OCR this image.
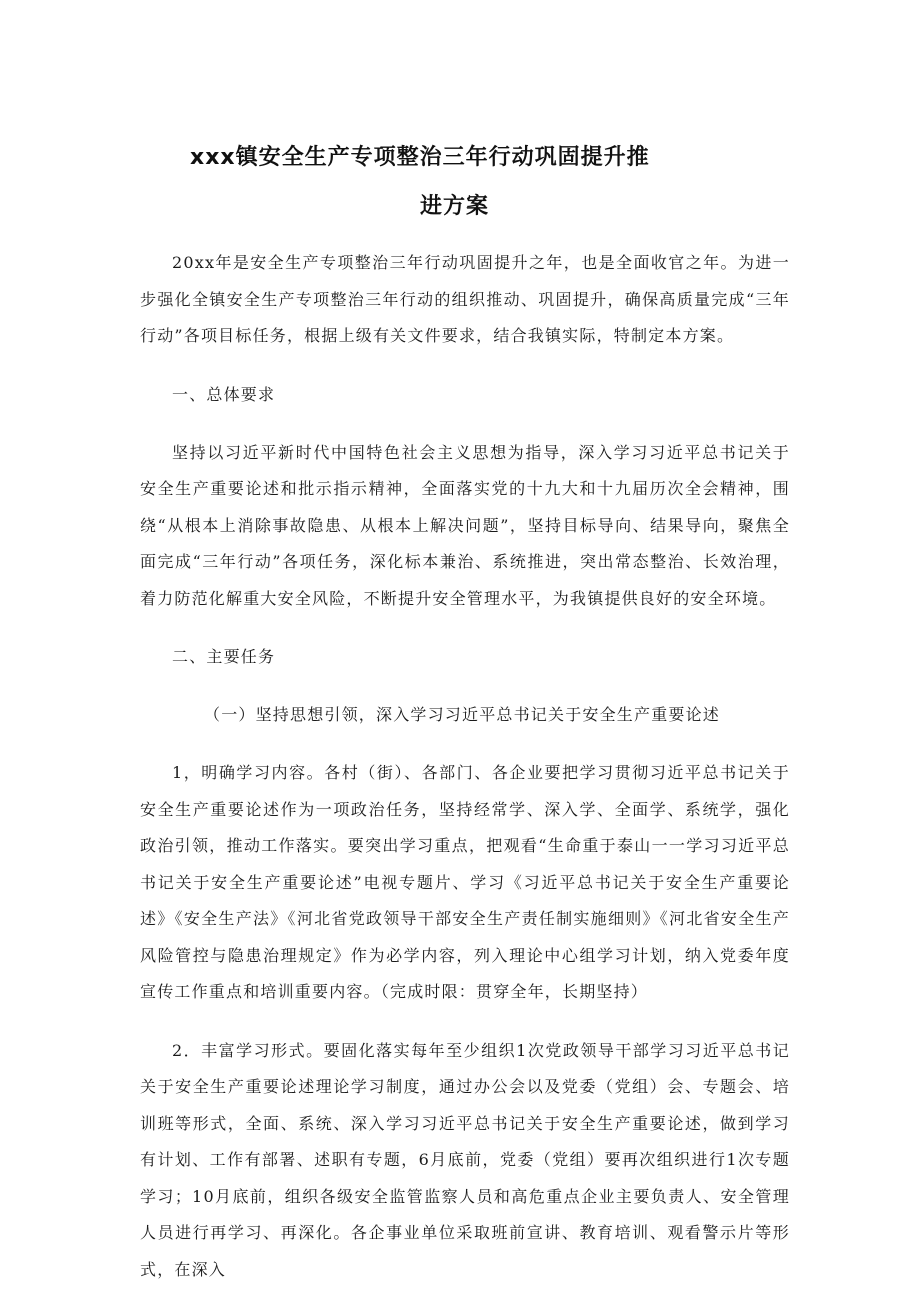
xxx镇安全生产专项整治三年行动巩固提升推
进方案

20xx年是安全生产专项整治三年行动巩固提升之年，也是全面收官之年。为进一步强化全镇安全生产专项整治三年行动的组织推动、巩固提升，确保高质量完成“三年行动”各项目标任务，根据上级有关文件要求，结合我镇实际，特制定本方案。

一、总体要求

坚持以习近平新时代中国特色社会主义思想为指导，深入学习习近平总书记关于安全生产重要论述和批示指示精神，全面落实党的十九大和十九届历次全会精神，围绕“从根本上消除事故隐患、从根本上解决问题”，坚持目标导向、结果导向，聚焦全面完成“三年行动”各项任务，深化标本兼治、系统推进，突出常态整治、长效治理，着力防范化解重大安全风险，不断提升安全管理水平，为我镇提供良好的安全环境。

二、主要任务

（一）坚持思想引领，深入学习习近平总书记关于安全生产重要论述

1，明确学习内容。各村（街）、各部门、各企业要把学习贯彻习近平总书记关于安全生产重要论述作为一项政治任务，坚持经常学、深入学、全面学、系统学，强化政治引领，推动工作落实。要突出学习重点，把观看“生命重于泰山一一学习习近平总书记关于安全生产重要论述”电视专题片、学习《习近平总书记关于安全生产重要论述》《安全生产法》《河北省党政领导干部安全生产责任制实施细则》《河北省安全生产风险管控与隐患治理规定》作为必学内容，列入理论中心组学习计划，纳入党委年度宣传工作重点和培训重要内容。（完成时限：贯穿全年，长期坚持）

2．丰富学习形式。要固化落实每年至少组织1次党政领导干部学习习近平总书记关于安全生产重要论述理论学习制度，通过办公会以及党委（党组）会、专题会、培训班等形式，全面、系统、深入学习习近平总书记关于安全生产重要论述，做到学习有计划、工作有部署、述职有专题，6月底前，党委（党组）要再次组织进行1次专题学习；10月底前，组织各级安全监管监察人员和高危重点企业主要负责人、安全管理人员进行再学习、再深化。各企事业单位采取班前宣讲、教育培训、观看警示片等形式，在深入
